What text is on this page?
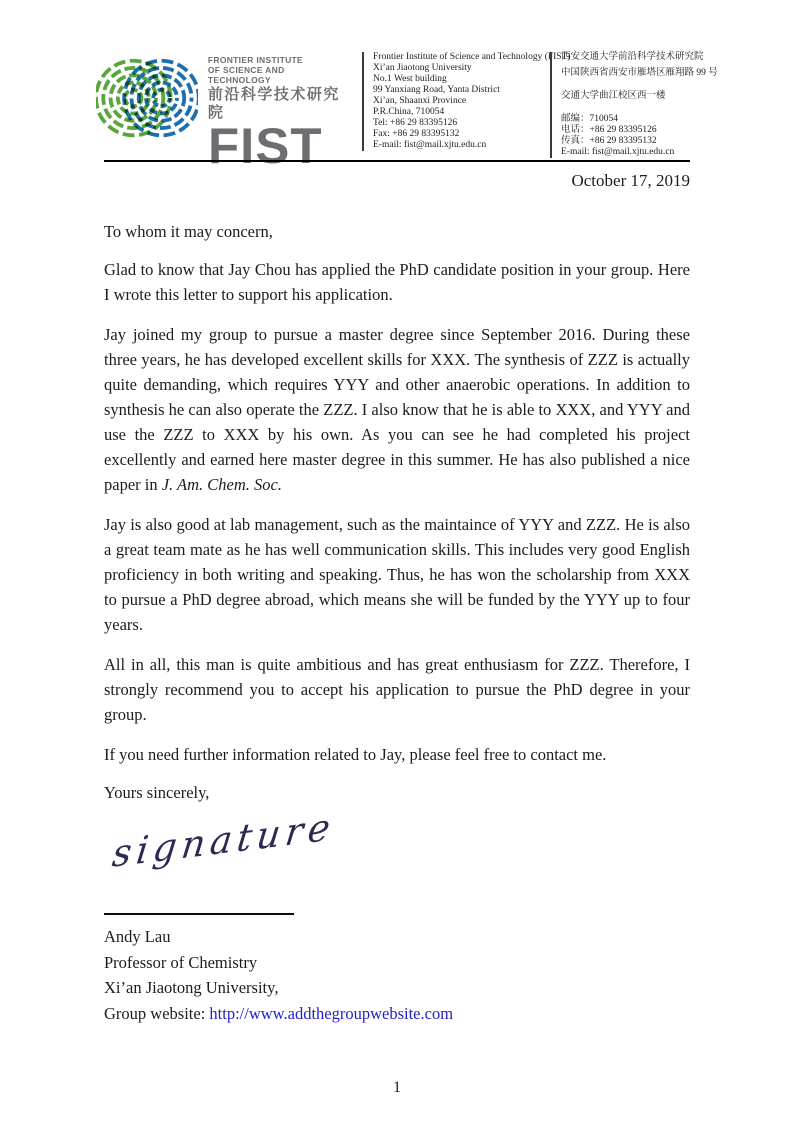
FRONTIER INSTITUTE
OF SCIENCE AND TECHNOLOGY
前沿科学技术研究院
FIST
Frontier Institute of Science and Technology (FIST)
Xi’an Jiaotong University
No.1 West building
99 Yanxiang Road, Yanta District
Xi’an, Shaanxi Province
P.R.China, 710054
Tel: +86 29 83395126
Fax: +86 29 83395132
E-mail: fist@mail.xjtu.edu.cn
西安交通大学前沿科学技术研究院
中国陕西省西安市雁塔区雁翔路 99 号
交通大学曲江校区西一楼
邮编：710054
电话：+86 29 83395126
传真：+86 29 83395132
E-mail: fist@mail.xjtu.edu.cn
October 17, 2019
To whom it may concern,

Glad to know that Jay Chou has applied the PhD candidate position in your group. Here I wrote this letter to support his application.

Jay joined my group to pursue a master degree since September 2016. During these three years, he has developed excellent skills for XXX. The synthesis of ZZZ is actually quite demanding, which requires YYY and other anaerobic operations. In addition to synthesis he can also operate the ZZZ. I also know that he is able to XXX, and YYY and use the ZZZ to XXX by his own. As you can see he had completed his project excellently and earned here master degree in this summer. He has also published a nice paper in J. Am. Chem. Soc.

Jay is also good at lab management, such as the maintaince of YYY and ZZZ. He is also a great team mate as he has well communication skills. This includes very good English proficiency in both writing and speaking. Thus, he has won the scholarship from XXX to pursue a PhD degree abroad, which means she will be funded by the YYY up to four years.

All in all, this man is quite ambitious and has great enthusiasm for ZZZ. Therefore, I strongly recommend you to accept his application to pursue the PhD degree in your group.

If you need further information related to Jay, please feel free to contact me.

Yours sincerely,
signature
Andy Lau
Professor of Chemistry
Xi’an Jiaotong University,
Group website: http://www.addthegroupwebsite.com
1
